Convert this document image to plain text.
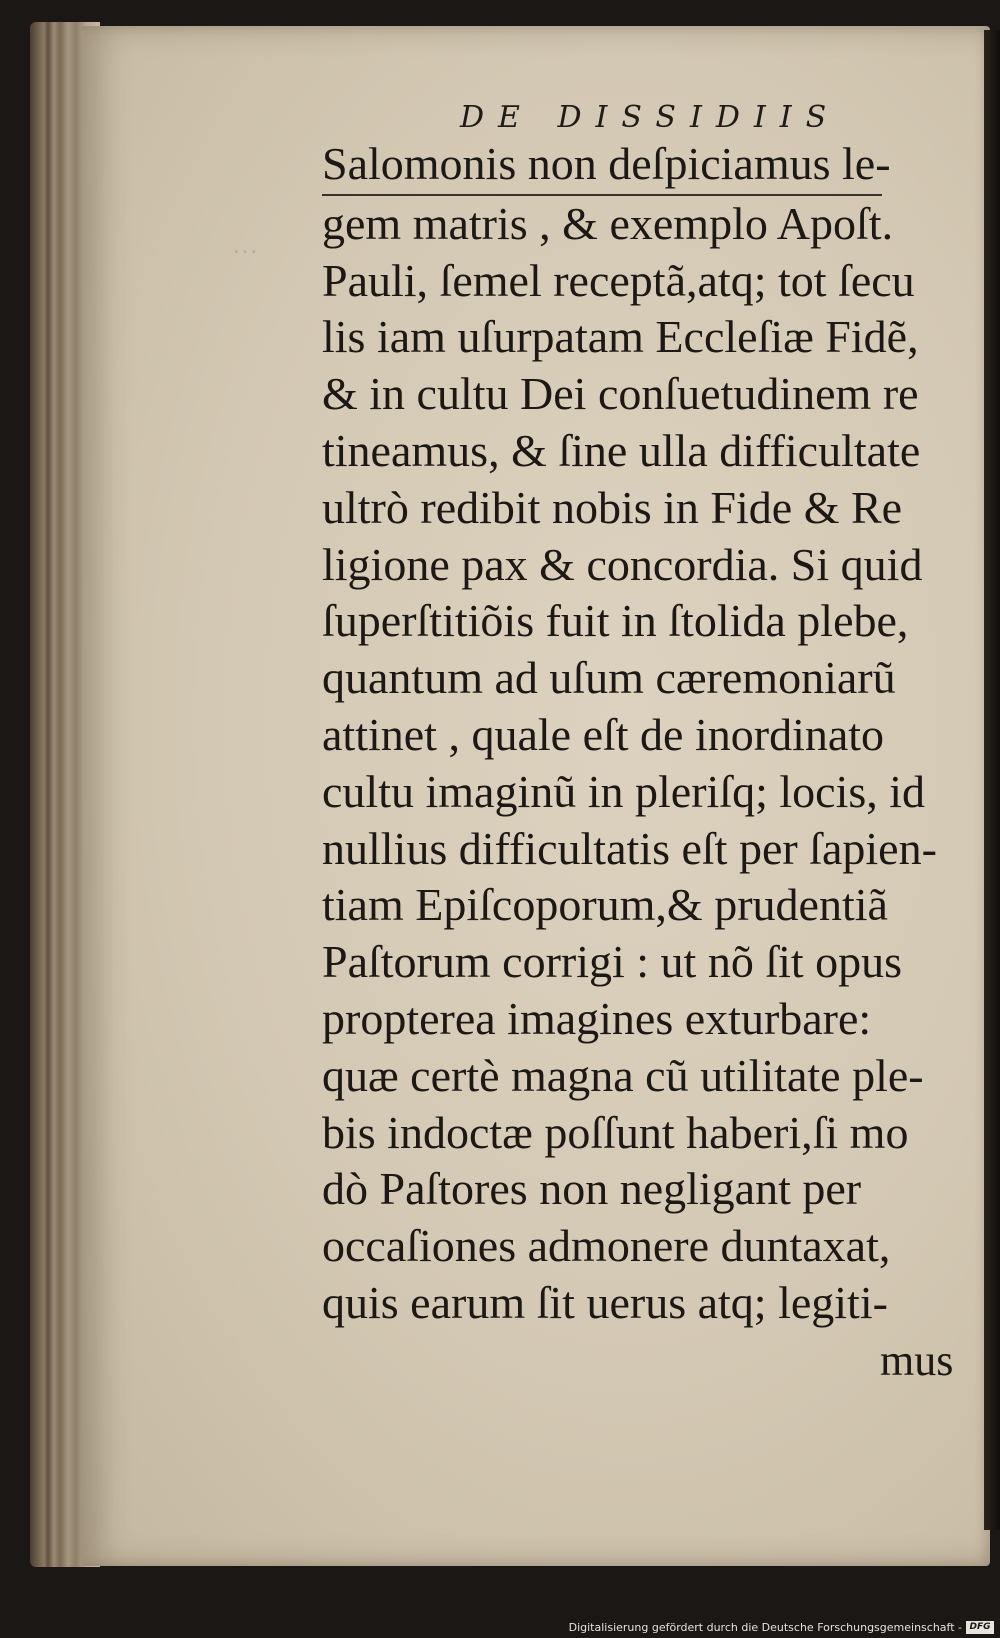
…
DE DISSIDIIS
Salomonis non deſpiciamus le-
gem matris , & exemplo Apoſt.
Pauli, ſemel receptã,atq; tot ſecu
lis iam uſurpatam Eccleſiæ Fidẽ,
& in cultu Dei conſuetudinem re
tineamus, & ſine ulla difficultate
ultrò redibit nobis in Fide & Re
ligione pax & concordia. Si quid
ſuperſtitiõis fuit in ſtolida plebe,
quantum ad uſum cæremoniarũ
attinet , quale eſt de inordinato
cultu imaginũ in pleriſq; locis, id
nullius difficultatis eſt per ſapien-
tiam Epiſcoporum,& prudentiã
Paſtorum corrigi : ut nõ ſit opus
propterea imagines exturbare:
quæ certè magna cũ utilitate ple-
bis indoctæ poſſunt haberi,ſi mo
dò Paſtores non negligant per
occaſiones admonere duntaxat,
quis earum ſit uerus atq; legiti-
mus
Digitalisierung gefördert durch die Deutsche Forschungsgemeinschaft - DFG
